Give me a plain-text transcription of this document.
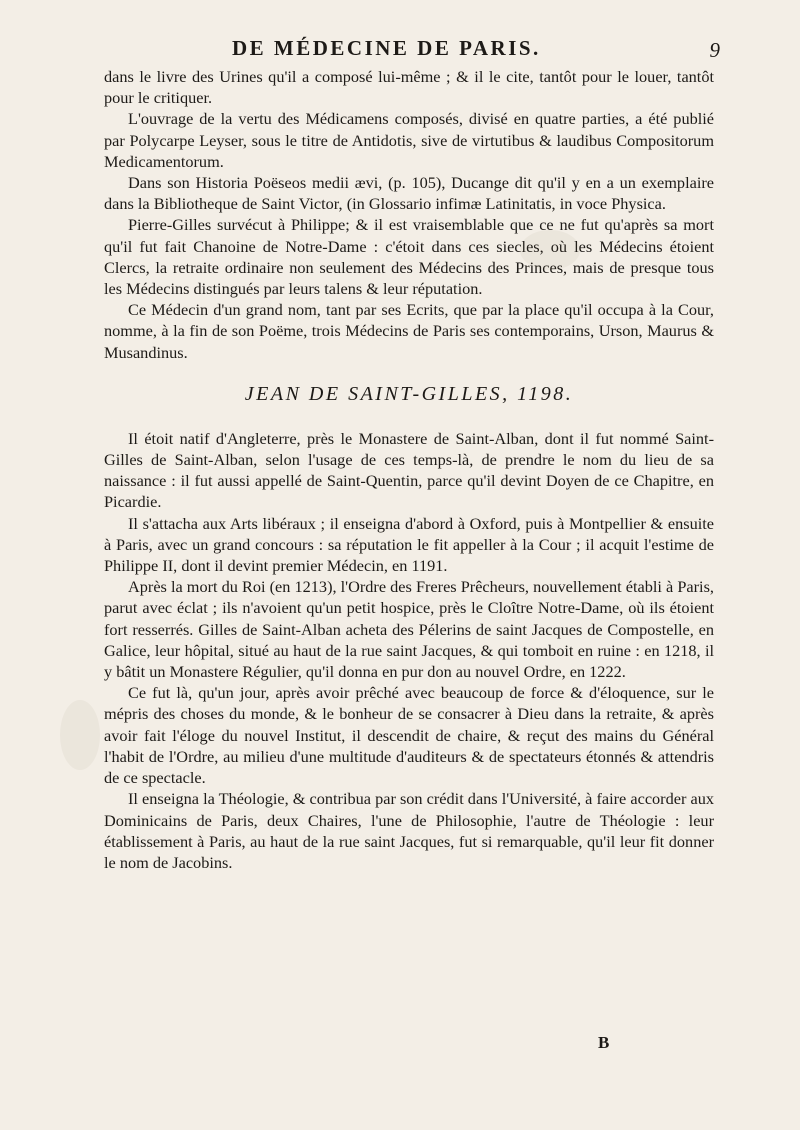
DE MÉDECINE DE PARIS.	9

dans le livre des Urines qu'il a composé lui-même ; & il le cite, tantôt pour le louer, tantôt pour le critiquer.

L'ouvrage de la vertu des Médicamens composés, divisé en quatre parties, a été publié par Polycarpe Leyser, sous le titre de Antidotis, sive de virtutibus & laudibus Compositorum Medicamentorum.

Dans son Historia Poëseos medii ævi, (p. 105), Ducange dit qu'il y en a un exemplaire dans la Bibliotheque de Saint Victor, (in Glossario infimæ Latinitatis, in voce Physica.

Pierre-Gilles survécut à Philippe; & il est vraisemblable que ce ne fut qu'après sa mort qu'il fut fait Chanoine de Notre-Dame : c'étoit dans ces siecles, où les Médecins étoient Clercs, la retraite ordinaire non seulement des Médecins des Princes, mais de presque tous les Médecins distingués par leurs talens & leur réputation.

Ce Médecin d'un grand nom, tant par ses Ecrits, que par la place qu'il occupa à la Cour, nomme, à la fin de son Poëme, trois Médecins de Paris ses contemporains, Urson, Maurus & Musandinus.

JEAN DE SAINT-GILLES, 1198.

Il étoit natif d'Angleterre, près le Monastere de Saint-Alban, dont il fut nommé Saint-Gilles de Saint-Alban, selon l'usage de ces temps-là, de prendre le nom du lieu de sa naissance : il fut aussi appellé de Saint-Quentin, parce qu'il devint Doyen de ce Chapitre, en Picardie.

Il s'attacha aux Arts libéraux ; il enseigna d'abord à Oxford, puis à Montpellier & ensuite à Paris, avec un grand concours : sa réputation le fit appeller à la Cour ; il acquit l'estime de Philippe II, dont il devint premier Médecin, en 1191.

Après la mort du Roi (en 1213), l'Ordre des Freres Prêcheurs, nouvellement établi à Paris, parut avec éclat ; ils n'avoient qu'un petit hospice, près le Cloître Notre-Dame, où ils étoient fort resserrés. Gilles de Saint-Alban acheta des Pélerins de saint Jacques de Compostelle, en Galice, leur hôpital, situé au haut de la rue saint Jacques, & qui tomboit en ruine : en 1218, il y bâtit un Monastere Régulier, qu'il donna en pur don au nouvel Ordre, en 1222.

Ce fut là, qu'un jour, après avoir prêché avec beaucoup de force & d'éloquence, sur le mépris des choses du monde, & le bonheur de se consacrer à Dieu dans la retraite, & après avoir fait l'éloge du nouvel Institut, il descendit de chaire, & reçut des mains du Général l'habit de l'Ordre, au milieu d'une multitude d'auditeurs & de spectateurs étonnés & attendris de ce spectacle.

Il enseigna la Théologie, & contribua par son crédit dans l'Université, à faire accorder aux Dominicains de Paris, deux Chaires, l'une de Philosophie, l'autre de Théologie : leur établissement à Paris, au haut de la rue saint Jacques, fut si remarquable, qu'il leur fit donner le nom de Jacobins.

B
